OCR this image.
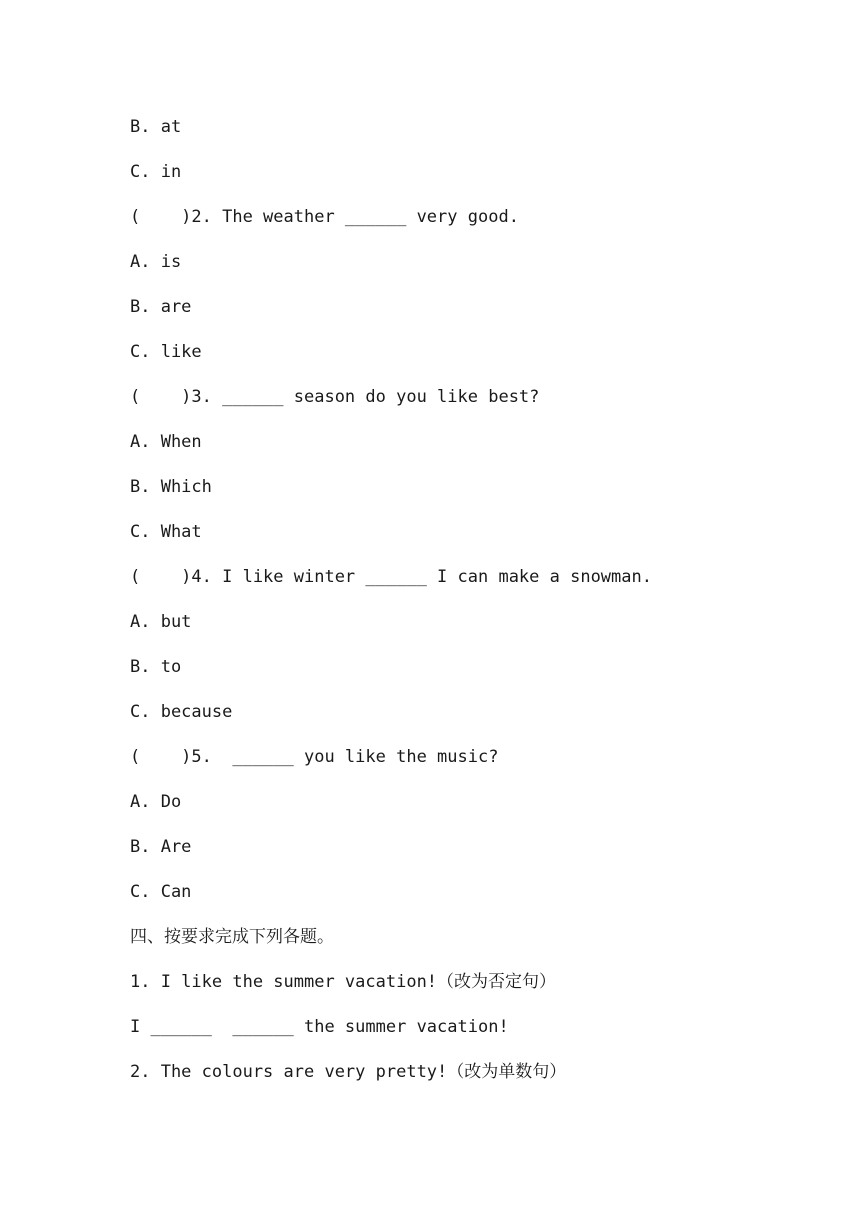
B. at
C. in
(    )2. The weather ______ very good.
A. is
B. are
C. like
(    )3. ______ season do you like best?
A. When
B. Which
C. What
(    )4. I like winter ______ I can make a snowman.
A. but
B. to
C. because
(    )5.  ______ you like the music?
A. Do
B. Are
C. Can
四、按要求完成下列各题。
1. I like the summer vacation!（改为否定句）
I ______  ______ the summer vacation!
2. The colours are very pretty!（改为单数句）
